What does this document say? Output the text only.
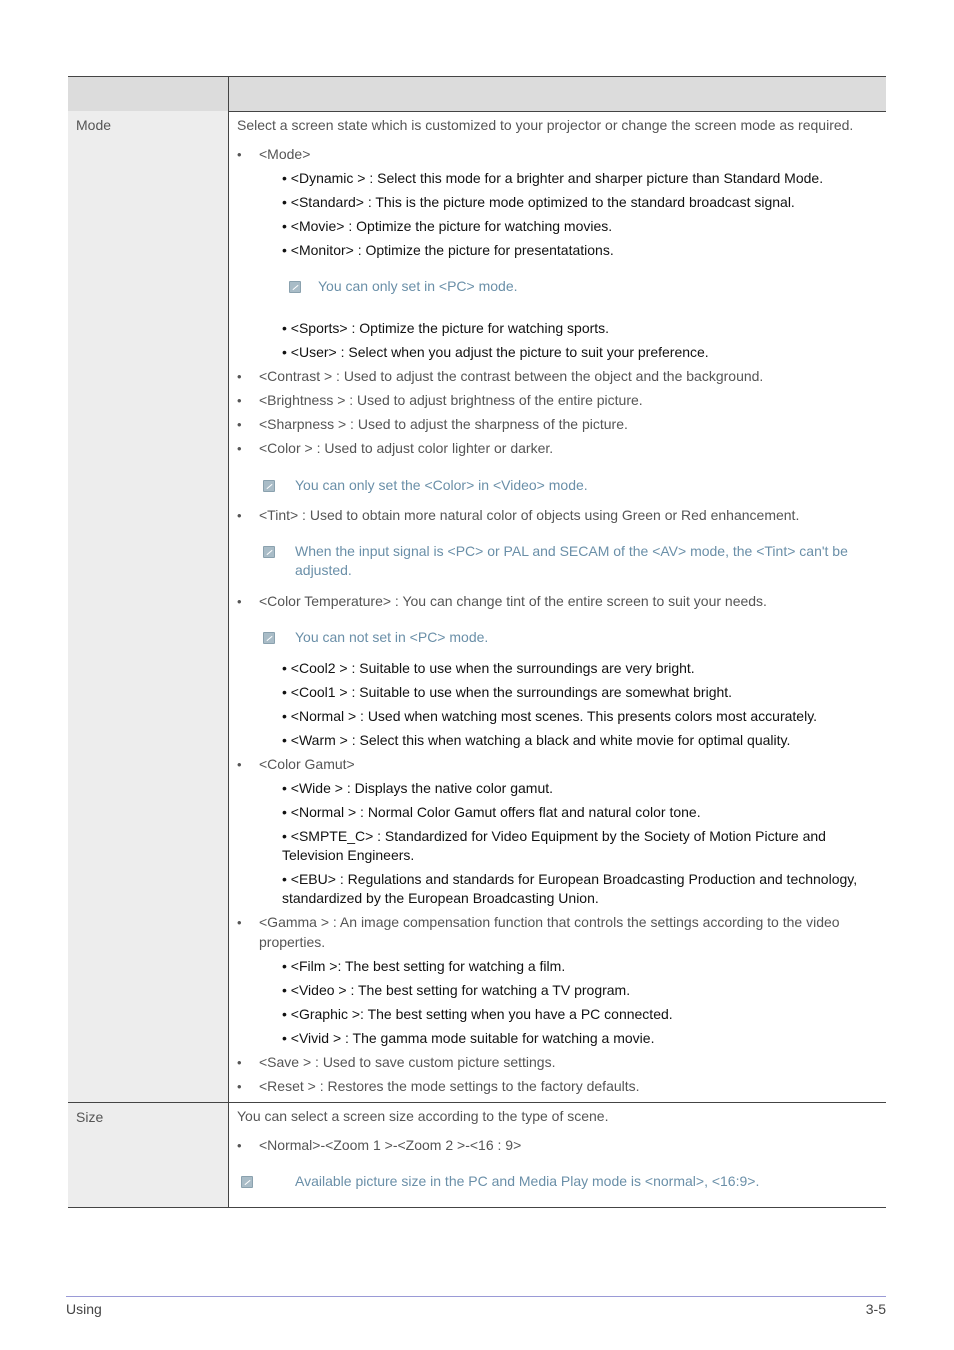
Mode	Select a screen state which is customized to your projector or change the screen mode as required.
• <Mode>
• <Dynamic > : Select this mode for a brighter and sharper picture than Standard Mode.
• <Standard> : This is the picture mode optimized to the standard broadcast signal.
• <Movie> : Optimize the picture for watching movies.
• <Monitor> : Optimize the picture for presentatations.
You can only set in <PC> mode.
• <Sports> : Optimize the picture for watching sports.
• <User> : Select when you adjust the picture to suit your preference.
• <Contrast > : Used to adjust the contrast between the object and the background.
• <Brightness > : Used to adjust brightness of the entire picture.
• <Sharpness > : Used to adjust the sharpness of the picture.
• <Color > : Used to adjust color lighter or darker.
You can only set the <Color> in <Video> mode.
• <Tint> : Used to obtain more natural color of objects using Green or Red enhancement.
When the input signal is <PC> or PAL and SECAM of the <AV> mode, the <Tint> can't be
adjusted.
• <Color Temperature> : You can change tint of the entire screen to suit your needs.
You can not set in <PC> mode.
• <Cool2 > : Suitable to use when the surroundings are very bright.
• <Cool1 > : Suitable to use when the surroundings are somewhat bright.
• <Normal > : Used when watching most scenes. This presents colors most accurately.
• <Warm > : Select this when watching a black and white movie for optimal quality.
• <Color Gamut>
• <Wide > : Displays the native color gamut.
• <Normal > : Normal Color Gamut offers flat and natural color tone.
• <SMPTE_C> : Standardized for Video Equipment by the Society of Motion Picture and
Television Engineers.
• <EBU> : Regulations and standards for European Broadcasting Production and technology,
standardized by the European Broadcasting Union.
• <Gamma > : An image compensation function that controls the settings according to the video
properties.
• <Film >: The best setting for watching a film.
• <Video > : The best setting for watching a TV program.
• <Graphic >: The best setting when you have a PC connected.
• <Vivid > : The gamma mode suitable for watching a movie.
• <Save > : Used to save custom picture settings.
• <Reset > : Restores the mode settings to the factory defaults.
Size	You can select a screen size according to the type of scene.
• <Normal>-<Zoom 1 >-<Zoom 2 >-<16 : 9>
Available picture size in the PC and Media Play mode is <normal>, <16:9>.
Using	3-5
